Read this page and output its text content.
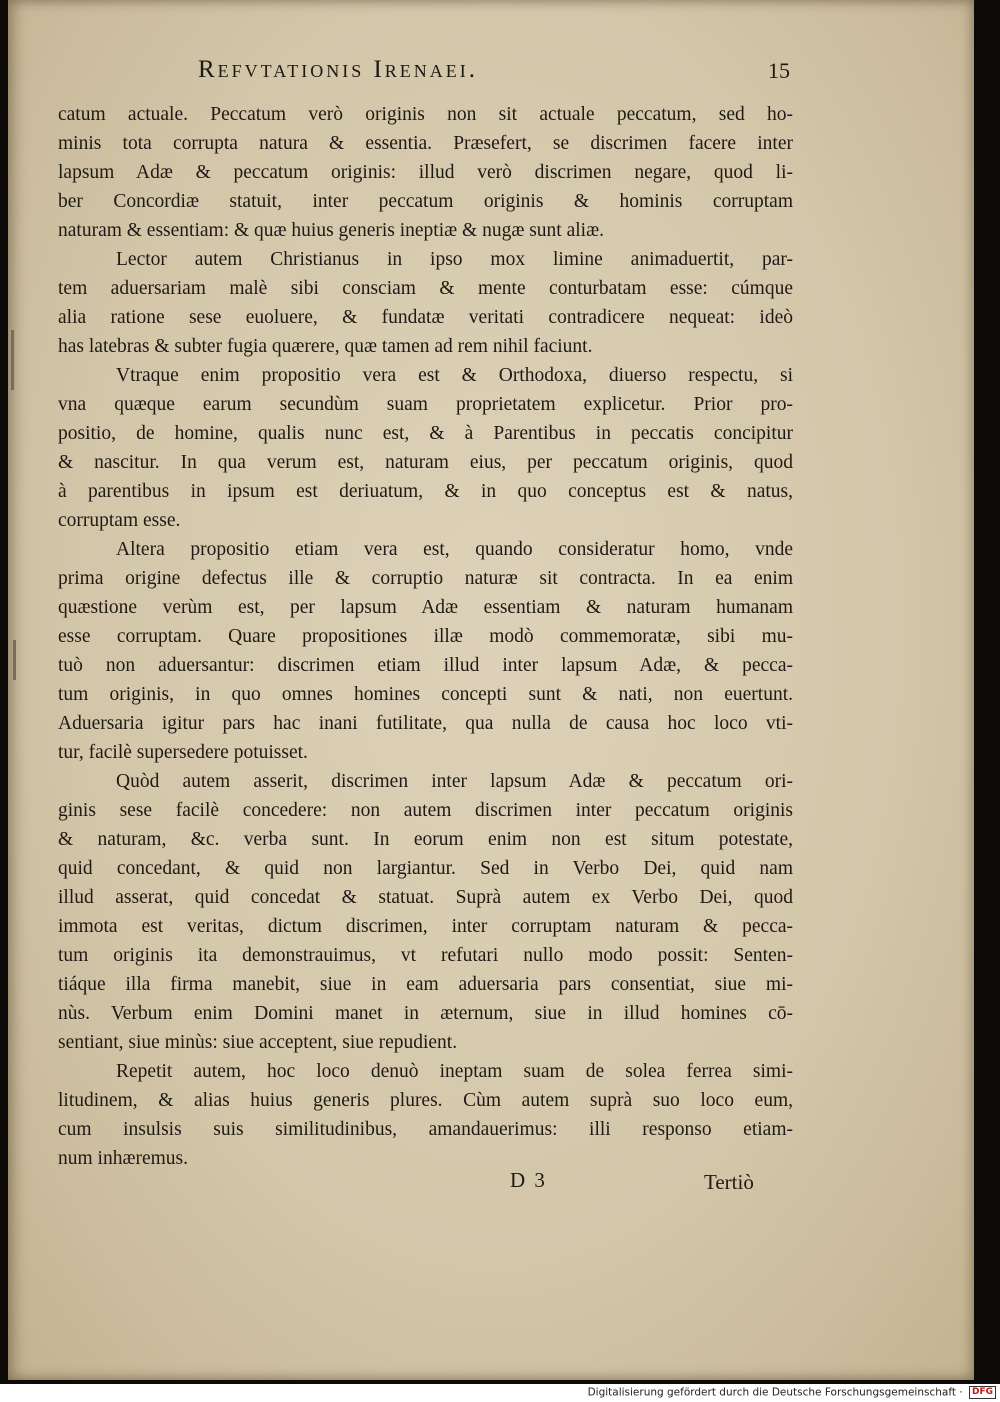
Refvtationis Irenaei.	15
catum actuale. Peccatum verò originis non sit actuale peccatum, sed ho-
minis tota corrupta natura & essentia. Præsefert, se discrimen facere inter
lapsum Adæ & peccatum originis: illud verò discrimen negare, quod li-
ber Concordiæ statuit, inter peccatum originis & hominis corruptam
naturam & essentiam: & quæ huius generis ineptiæ & nugæ sunt aliæ.
Lector autem Christianus in ipso mox limine animaduertit, par-
tem aduersariam malè sibi consciam & mente conturbatam esse: cúmque
alia ratione sese euoluere, & fundatæ veritati contradicere nequeat: ideò
has latebras & subter fugia quærere, quæ tamen ad rem nihil faciunt.
Vtraque enim propositio vera est & Orthodoxa, diuerso respectu, si
vna quæque earum secundùm suam proprietatem explicetur. Prior pro-
positio, de homine, qualis nunc est, & à Parentibus in peccatis concipitur
& nascitur. In qua verum est, naturam eius, per peccatum originis, quod
à parentibus in ipsum est deriuatum, & in quo conceptus est & natus,
corruptam esse.
Altera propositio etiam vera est, quando consideratur homo, vnde
prima origine defectus ille & corruptio naturæ sit contracta. In ea enim
quæstione verùm est, per lapsum Adæ essentiam & naturam humanam
esse corruptam. Quare propositiones illæ modò commemoratæ, sibi mu-
tuò non aduersantur: discrimen etiam illud inter lapsum Adæ, & pecca-
tum originis, in quo omnes homines concepti sunt & nati, non euertunt.
Aduersaria igitur pars hac inani futilitate, qua nulla de causa hoc loco vti-
tur, facilè supersedere potuisset.
Quòd autem asserit, discrimen inter lapsum Adæ & peccatum ori-
ginis sese facilè concedere: non autem discrimen inter peccatum originis
& naturam, &c. verba sunt. In eorum enim non est situm potestate,
quid concedant, & quid non largiantur. Sed in Verbo Dei, quid nam
illud asserat, quid concedat & statuat. Suprà autem ex Verbo Dei, quod
immota est veritas, dictum discrimen, inter corruptam naturam & pecca-
tum originis ita demonstrauimus, vt refutari nullo modo possit: Senten-
tiáque illa firma manebit, siue in eam aduersaria pars consentiat, siue mi-
nùs. Verbum enim Domini manet in æternum, siue in illud homines cō-
sentiant, siue minùs: siue acceptent, siue repudient.
Repetit autem, hoc loco denuò ineptam suam de solea ferrea simi-
litudinem, & alias huius generis plures. Cùm autem suprà suo loco eum,
cum insulsis suis similitudinibus, amandauerimus: illi responso etiam-
num inhæremus.
D 3	Tertiò
Digitalisierung gefördert durch die Deutsche Forschungsgemeinschaft · DFG
